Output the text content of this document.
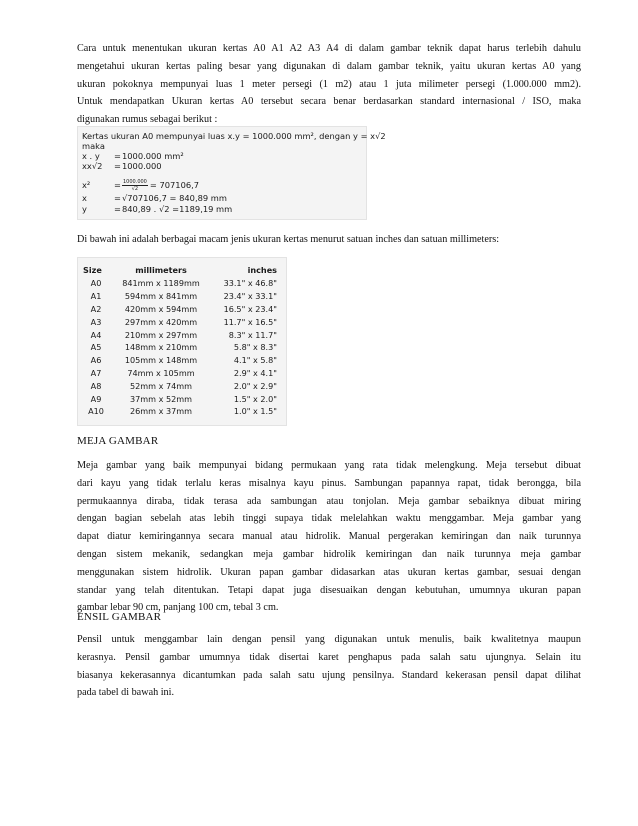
Cara untuk menentukan ukuran kertas A0 A1 A2 A3 A4 di dalam gambar teknik dapat harus terlebih dahulu
mengetahui ukuran kertas paling besar yang digunakan di dalam gambar teknik, yaitu ukuran kertas A0 yang
ukuran pokoknya mempunyai luas 1 meter persegi (1 m2) atau 1 juta milimeter persegi (1.000.000 mm2).
Untuk mendapatkan Ukuran kertas A0 tersebut secara benar berdasarkan standard internasional / ISO, maka
digunakan rumus sebagai berikut :
Kertas ukuran A0 mempunyai luas x.y = 1000.000 mm², dengan y = x√2
maka
x . y =1000.000 mm²
xx√2 =1000.000
x²	= $\frac{1000.000}{√2} = 707106,7$
x	=√707106,7 = 840,89 mm
y	=840,89 . √2 =1189,19 mm
Di bawah ini adalah berbagai macam jenis ukuran kertas menurut satuan inches dan satuan millimeters:
Size	millimeters	inches
A0	841mm x 1189mm	33.1" x 46.8"
A1	594mm x 841mm	23.4" x 33.1"
A2	420mm x 594mm	16.5" x 23.4"
A3	297mm x 420mm	11.7" x 16.5"
A4	210mm x 297mm	8.3" x 11.7"
A5	148mm x 210mm	5.8" x 8.3"
A6	105mm x 148mm	4.1" x 5.8"
A7	74mm x 105mm	2.9" x 4.1"
A8	52mm x 74mm	2.0" x 2.9"
A9	37mm x 52mm	1.5" x 2.0"
A10	26mm x 37mm	1.0" x 1.5"
MEJA GAMBAR
Meja gambar yang baik mempunyai bidang permukaan yang rata tidak melengkung. Meja tersebut dibuat
dari kayu yang tidak terlalu keras misalnya kayu pinus. Sambungan papannya rapat, tidak berongga, bila
permukaannya diraba, tidak terasa ada sambungan atau tonjolan. Meja gambar sebaiknya dibuat miring
dengan bagian sebelah atas lebih tinggi supaya tidak melelahkan waktu menggambar. Meja gambar yang
dapat diatur kemiringannya secara manual atau hidrolik. Manual pergerakan kemiringan dan naik turunnya
dengan sistem mekanik, sedangkan meja gambar hidrolik kemiringan dan naik turunnya meja gambar
menggunakan sistem hidrolik. Ukuran papan gambar didasarkan atas ukuran kertas gambar, sesuai dengan
standar yang telah ditentukan. Tetapi dapat juga disesuaikan dengan kebutuhan, umumnya ukuran papan
gambar lebar 90 cm, panjang 100 cm, tebal 3 cm.
ENSIL GAMBAR
Pensil untuk menggambar lain dengan pensil yang digunakan untuk menulis, baik kwalitetnya maupun
kerasnya. Pensil gambar umumnya tidak disertai karet penghapus pada salah satu ujungnya. Selain itu
biasanya kekerasannya dicantumkan pada salah satu ujung pensilnya. Standard kekerasan pensil dapat dilihat
pada tabel di bawah ini.
